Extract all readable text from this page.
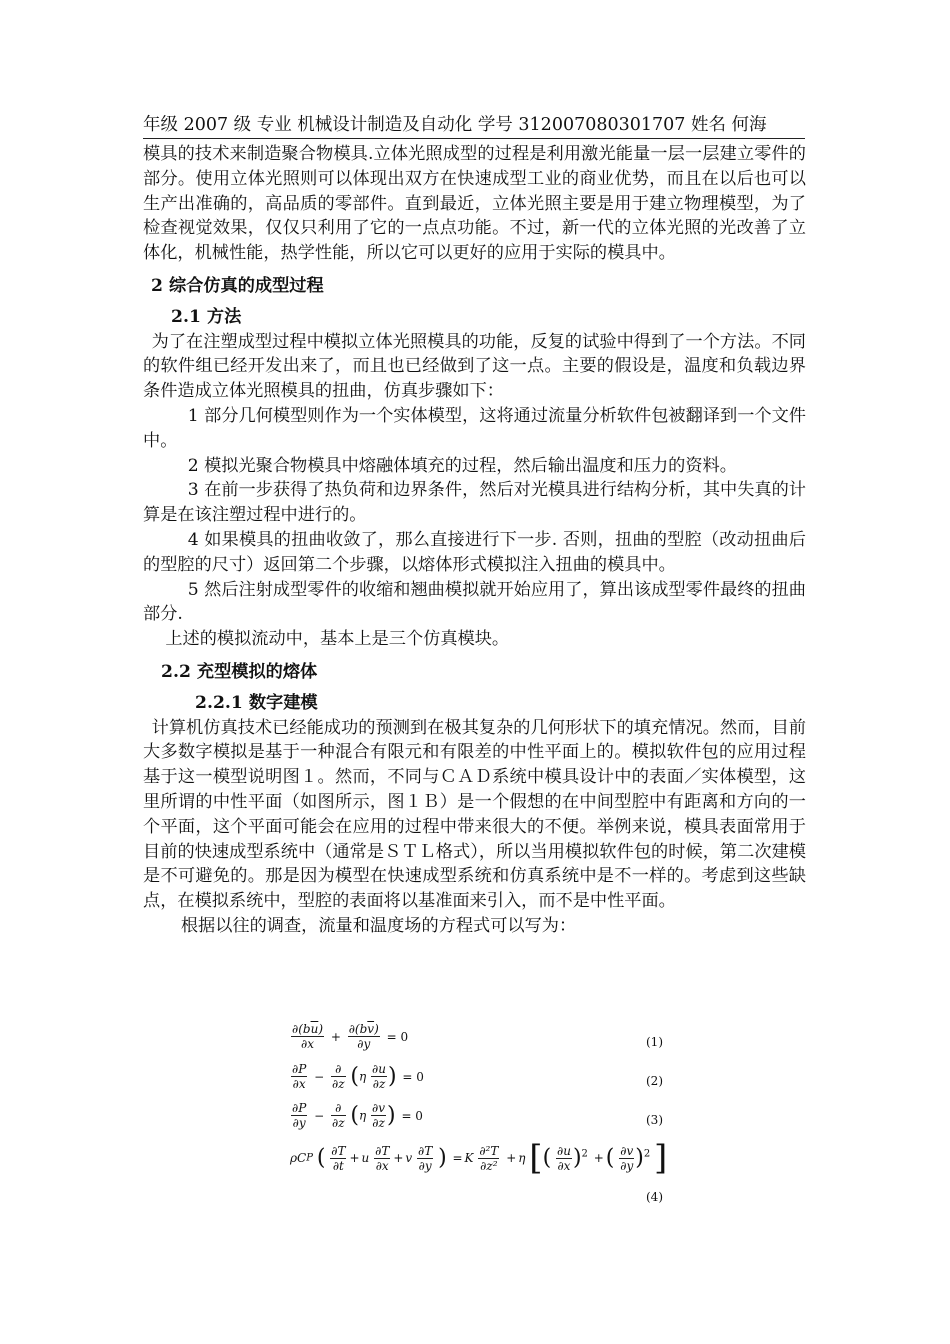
年级 2007 级 专业 机械设计制造及自动化 学号 312007080301707 姓名 何海

模具的技术来制造聚合物模具.立体光照成型的过程是利用激光能量一层一层建立零件的部分。使用立体光照则可以体现出双方在快速成型工业的商业优势，而且在以后也可以生产出准确的，高品质的零部件。直到最近，立体光照主要是用于建立物理模型，为了检查视觉效果，仅仅只利用了它的一点点功能。不过，新一代的立体光照的光改善了立体化，机械性能，热学性能，所以它可以更好的应用于实际的模具中。

2 综合仿真的成型过程
2.1 方法

为了在注塑成型过程中模拟立体光照模具的功能，反复的试验中得到了一个方法。不同的软件组已经开发出来了，而且也已经做到了这一点。主要的假设是，温度和负载边界条件造成立体光照模具的扭曲，仿真步骤如下：

1 部分几何模型则作为一个实体模型，这将通过流量分析软件包被翻译到一个文件中。

2 模拟光聚合物模具中熔融体填充的过程，然后输出温度和压力的资料。

3 在前一步获得了热负荷和边界条件，然后对光模具进行结构分析，其中失真的计算是在该注塑过程中进行的。

4 如果模具的扭曲收敛了，那么直接进行下一步. 否则，扭曲的型腔（改动扭曲后的型腔的尺寸）返回第二个步骤，以熔体形式模拟注入扭曲的模具中。

5 然后注射成型零件的收缩和翘曲模拟就开始应用了，算出该成型零件最终的扭曲部分.

上述的模拟流动中，基本上是三个仿真模块。

2.2 充型模拟的熔体
2.2.1 数字建模

计算机仿真技术已经能成功的预测到在极其复杂的几何形状下的填充情况。然而，目前大多数字模拟是基于一种混合有限元和有限差的中性平面上的。模拟软件包的应用过程基于这一模型说明图１。然而，不同与ＣＡＤ系统中模具设计中的表面／实体模型，这里所谓的中性平面（如图所示，图１Ｂ）是一个假想的在中间型腔中有距离和方向的一个平面，这个平面可能会在应用的过程中带来很大的不便。举例来说，模具表面常用于目前的快速成型系统中（通常是ＳＴＬ格式），所以当用模拟软件包的时候，第二次建模是不可避免的。那是因为模型在快速成型系统和仿真系统中是不一样的。考虑到这些缺点，在模拟系统中，型腔的表面将以基准面来引入，而不是中性平面。

根据以往的调查，流量和温度场的方程式可以写为：

$\frac{\partial(b\overline{u})}{\partial x} + \frac{\partial(b\overline{v})}{\partial y} = 0$	(1)
$\frac{\partial P}{\partial x} - \frac{\partial}{\partial z} (\eta \frac{\partial u}{\partial z}$ ) = 0	(2)
$\frac{\partial P}{\partial y} - \frac{\partial}{\partial z} (\eta \frac{\partial v}{\partial z}$ ) = 0	(3)
ρCP ( $\frac{\partial T}{\partial t} + u \frac{\partial T}{\partial x} + v \frac{\partial T}{\partial y}$ ) = K $\frac{\text{∂²T}}{\text{∂z²}} + \eta$ [( $\frac{\partial u}{\partial x} )^2$ +( $\frac{\partial v}{\partial y} )^2$ ]
(4)
